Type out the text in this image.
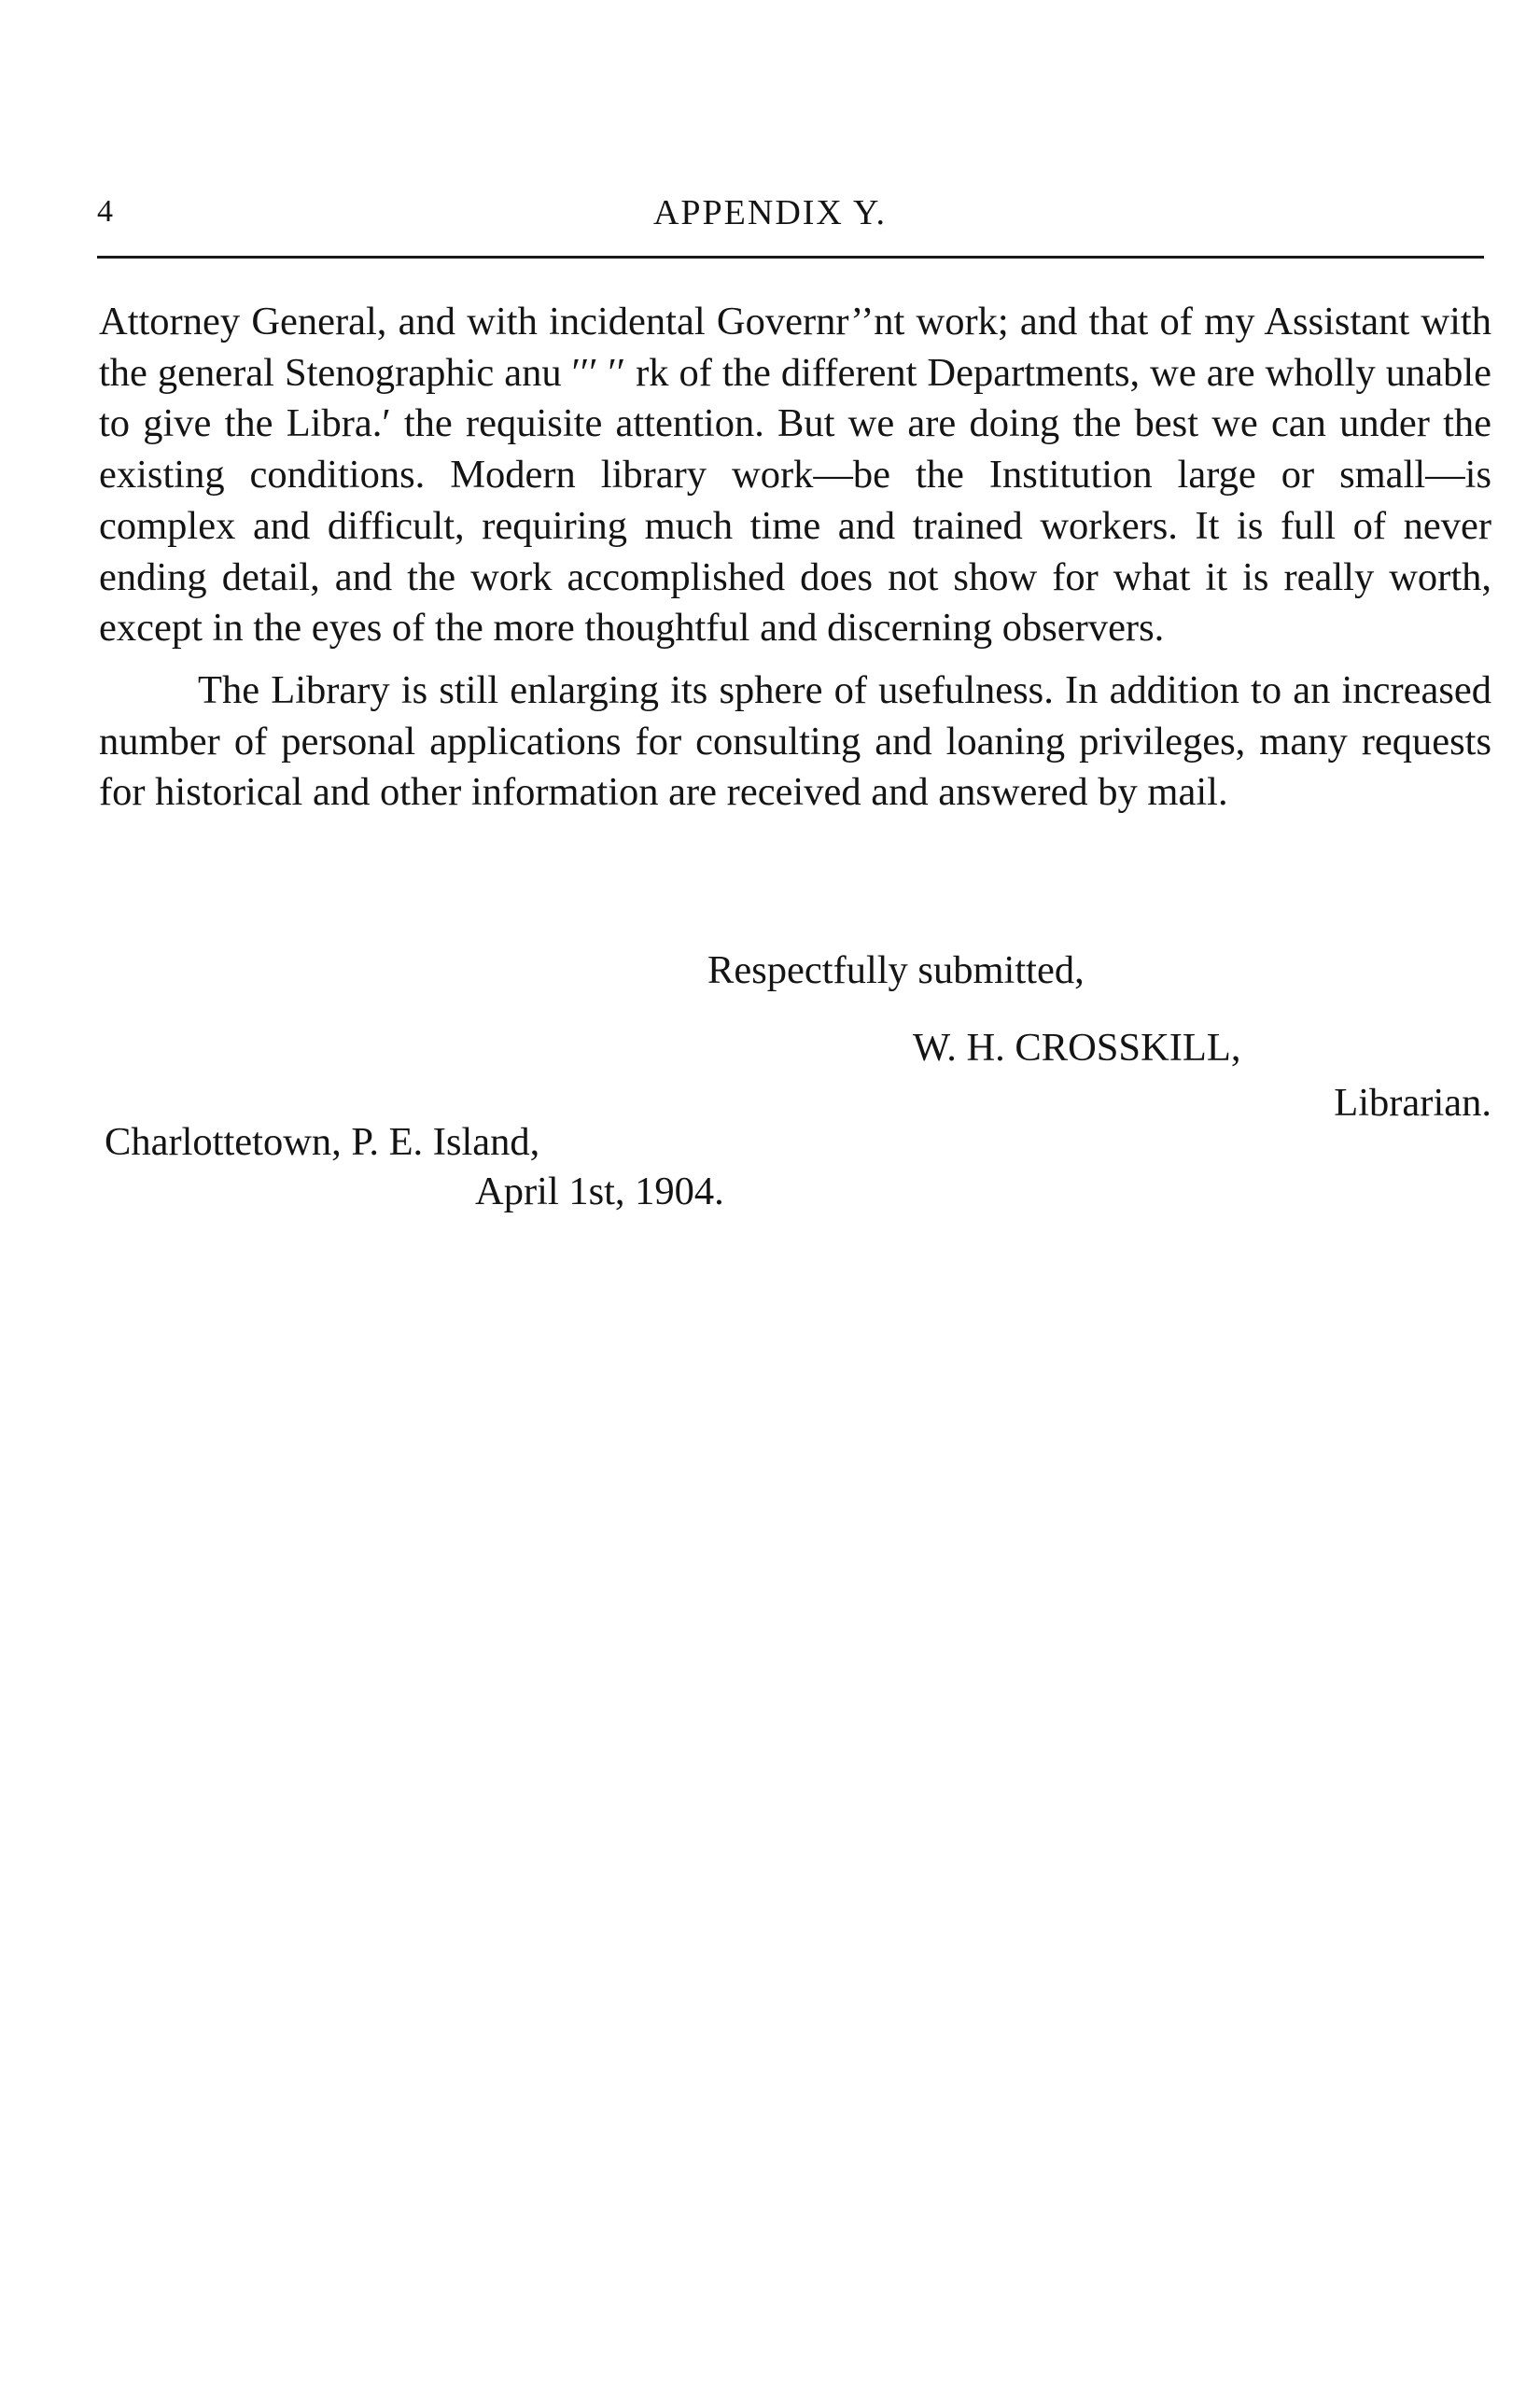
4	APPENDIX Y.

Attorney General, and with incidental Governr’’nt work; and that of my Assistant with the general Stenographic anu ′′′ ′′ rk of the different Departments, we are wholly unable to give the Libra.′ the requisite attention. But we are doing the best we can under the existing conditions. Modern library work—be the Institution large or small—is complex and difficult, requiring much time and trained workers. It is full of never ending detail, and the work accomplished does not show for what it is really worth, except in the eyes of the more thoughtful and discerning observers.

The Library is still enlarging its sphere of usefulness. In addition to an increased number of personal applications for consulting and loaning privileges, many requests for historical and other information are received and answered by mail.

Respectfully submitted,
W. H. CROSSKILL,
Librarian.
Charlottetown, P. E. Island,
April 1st, 1904.
